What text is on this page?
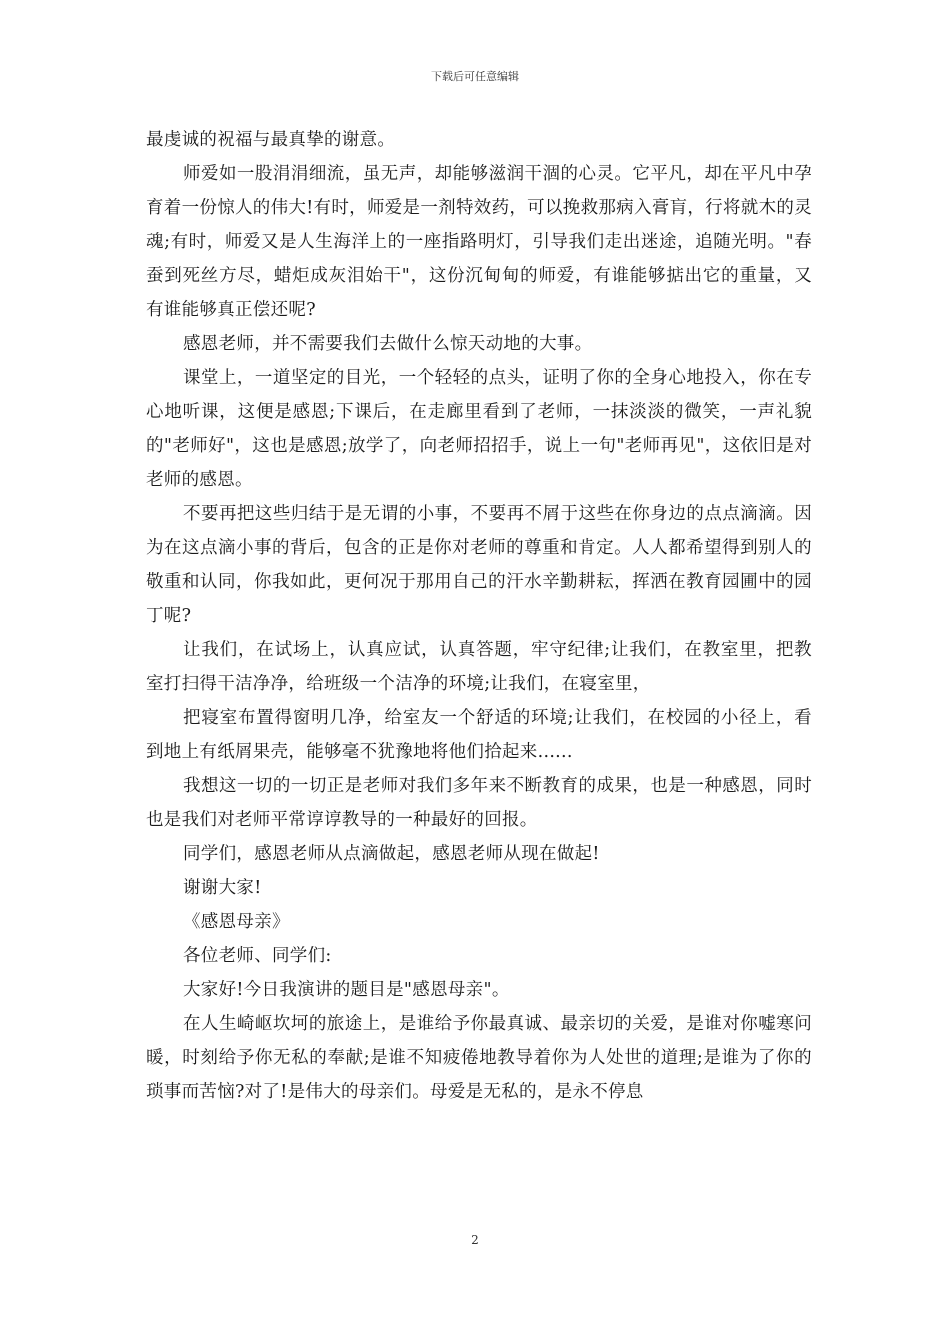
下载后可任意编辑

最虔诚的祝福与最真挚的谢意。

师爱如一股涓涓细流，虽无声，却能够滋润干涸的心灵。它平凡，却在平凡中孕育着一份惊人的伟大!有时，师爱是一剂特效药，可以挽救那病入膏肓，行将就木的灵魂;有时，师爱又是人生海洋上的一座指路明灯，引导我们走出迷途，追随光明。"春蚕到死丝方尽，蜡炬成灰泪始干"，这份沉甸甸的师爱，有谁能够掂出它的重量，又有谁能够真正偿还呢?

感恩老师，并不需要我们去做什么惊天动地的大事。

课堂上，一道坚定的目光，一个轻轻的点头，证明了你的全身心地投入，你在专心地听课，这便是感恩;下课后，在走廊里看到了老师，一抹淡淡的微笑，一声礼貌的"老师好"，这也是感恩;放学了，向老师招招手，说上一句"老师再见"，这依旧是对老师的感恩。

不要再把这些归结于是无谓的小事，不要再不屑于这些在你身边的点点滴滴。因为在这点滴小事的背后，包含的正是你对老师的尊重和肯定。人人都希望得到别人的敬重和认同，你我如此，更何况于那用自己的汗水辛勤耕耘，挥洒在教育园圃中的园丁呢?

让我们，在试场上，认真应试，认真答题，牢守纪律;让我们，在教室里，把教室打扫得干洁净净，给班级一个洁净的环境;让我们，在寝室里，

把寝室布置得窗明几净，给室友一个舒适的环境;让我们，在校园的小径上，看到地上有纸屑果壳，能够毫不犹豫地将他们拾起来......

我想这一切的一切正是老师对我们多年来不断教育的成果，也是一种感恩，同时也是我们对老师平常谆谆教导的一种最好的回报。

同学们，感恩老师从点滴做起，感恩老师从现在做起!

谢谢大家!

《感恩母亲》

各位老师、同学们:

大家好!今日我演讲的题目是"感恩母亲"。

在人生崎岖坎坷的旅途上，是谁给予你最真诚、最亲切的关爱，是谁对你嘘寒问暖，时刻给予你无私的奉献;是谁不知疲倦地教导着你为人处世的道理;是谁为了你的琐事而苦恼?对了!是伟大的母亲们。母爱是无私的，是永不停息

2
